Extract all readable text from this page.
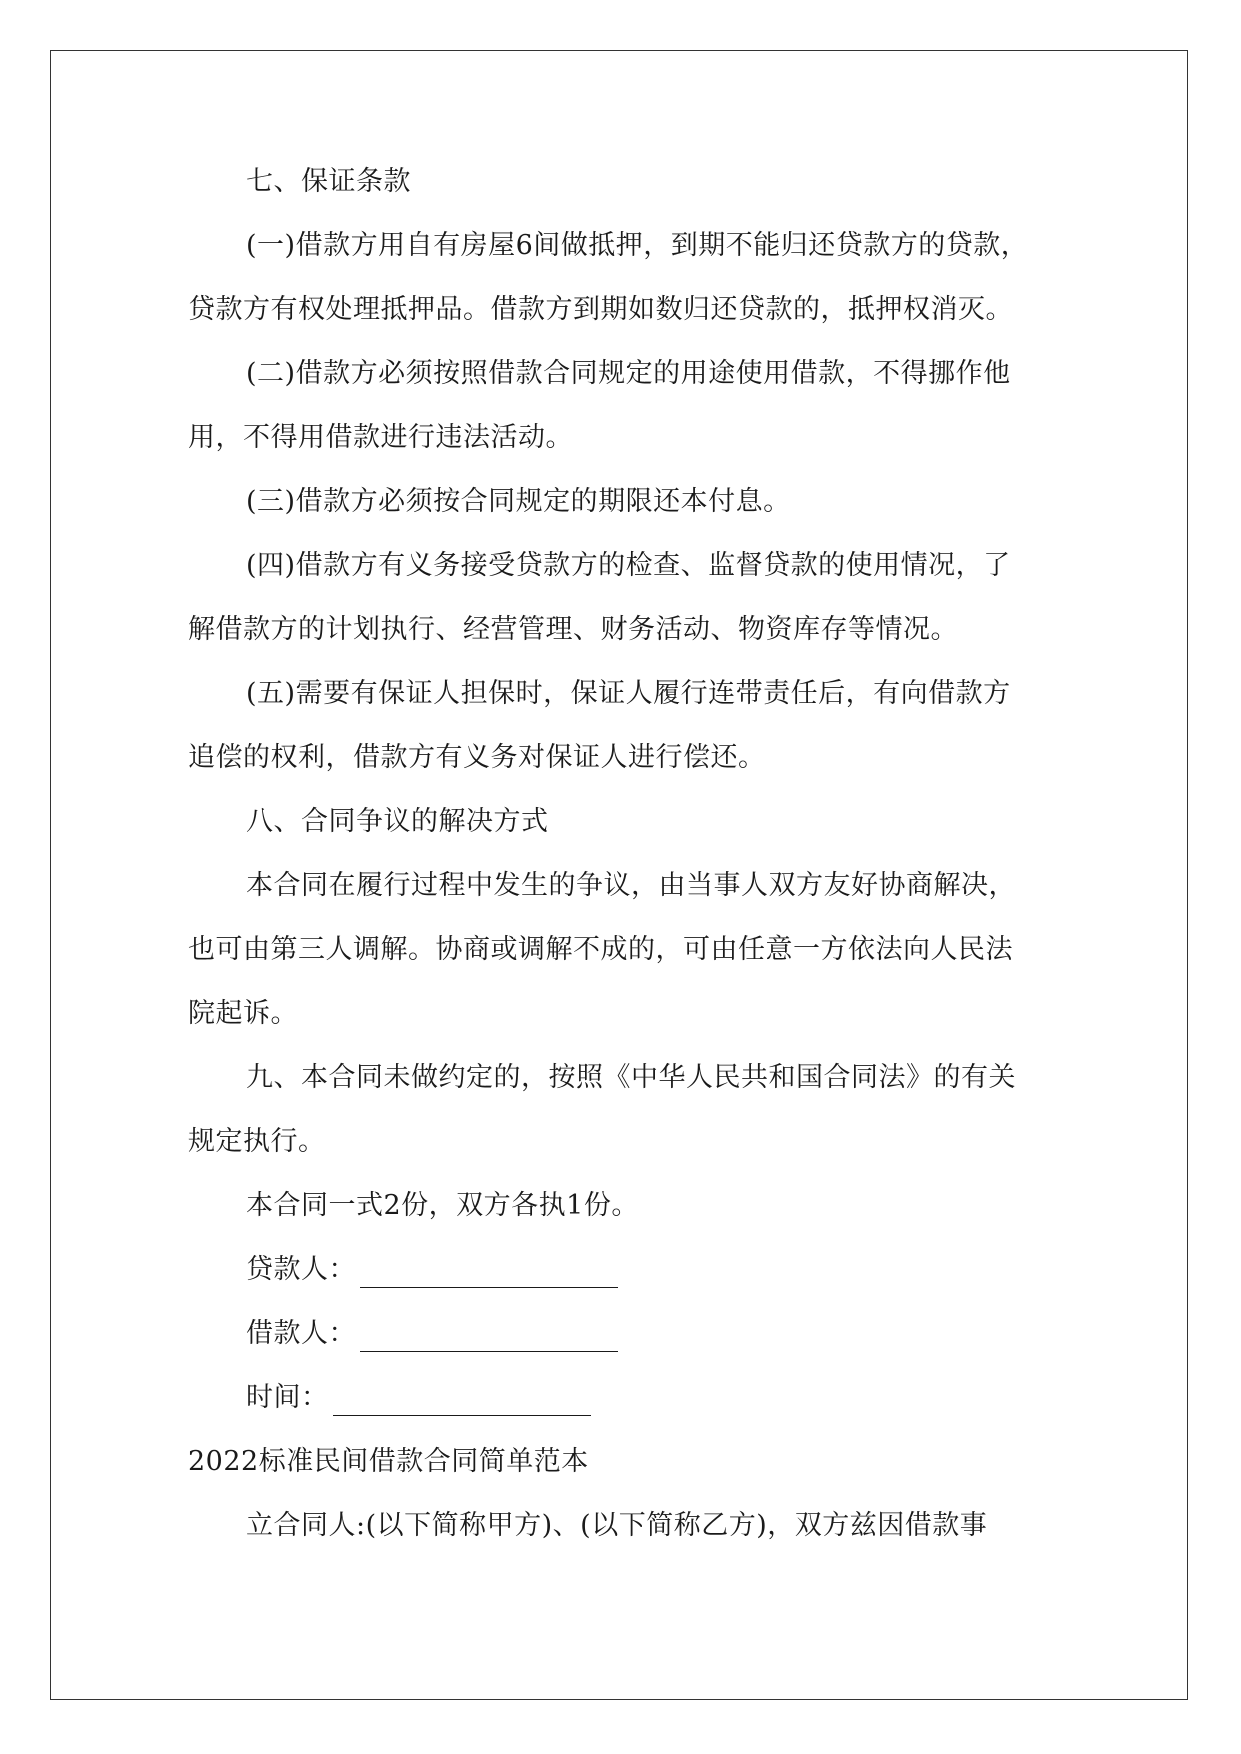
七、保证条款
(一)借款方用自有房屋6间做抵押，到期不能归还贷款方的贷款，
贷款方有权处理抵押品。借款方到期如数归还贷款的，抵押权消灭。
(二)借款方必须按照借款合同规定的用途使用借款，不得挪作他
用，不得用借款进行违法活动。
(三)借款方必须按合同规定的期限还本付息。
(四)借款方有义务接受贷款方的检查、监督贷款的使用情况，了
解借款方的计划执行、经营管理、财务活动、物资库存等情况。
(五)需要有保证人担保时，保证人履行连带责任后，有向借款方
追偿的权利，借款方有义务对保证人进行偿还。
八、合同争议的解决方式
本合同在履行过程中发生的争议，由当事人双方友好协商解决，
也可由第三人调解。协商或调解不成的，可由任意一方依法向人民法
院起诉。
九、本合同未做约定的，按照《中华人民共和国合同法》的有关
规定执行。
本合同一式2份，双方各执1份。
贷款人：
借款人：
时间：
2022标准民间借款合同简单范本
立合同人:(以下简称甲方)、(以下简称乙方)，双方兹因借款事
